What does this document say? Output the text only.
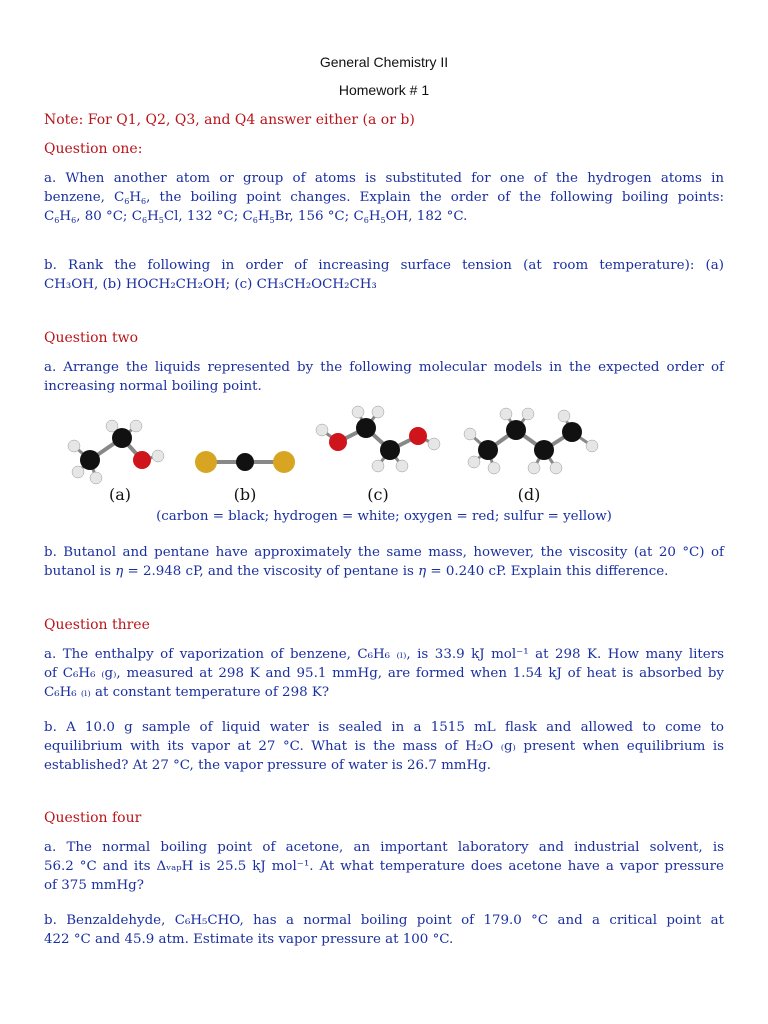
General Chemistry II
Homework # 1
Note: For Q1, Q2, Q3, and Q4 answer either (a or b)
Question one:
a. When another atom or group of atoms is substituted for one of the hydrogen atoms in
benzene, $C_6H_6$, the boiling point changes. Explain the order of the following boiling points:
$C_6H_6$, 80 °C; $C_6H_5Cl$, 132 °C; $C_6H_5Br$, 156 °C; $C_6H_5OH$, 182 °C.
b. Rank the following in order of increasing surface tension (at room temperature): (a)
CH₃OH, (b) HOCH₂CH₂OH; (c) CH₃CH₂OCH₂CH₃
Question two
a. Arrange the liquids represented by the following molecular models in the expected order of
increasing normal boiling point.
(a)	(b)	(c)	(d)
(carbon = black; hydrogen = white; oxygen = red; sulfur = yellow)
b. Butanol and pentane have approximately the same mass, however, the viscosity (at 20 °C) of
butanol is η = 2.948 cP, and the viscosity of pentane is η = 0.240 cP. Explain this difference.
Question three
a. The enthalpy of vaporization of benzene, C₆H₆ ₍ₗ₎, is 33.9 kJ mol⁻¹ at 298 K. How many liters
of C₆H₆ ₍g₎, measured at 298 K and 95.1 mmHg, are formed when 1.54 kJ of heat is absorbed by
C₆H₆ ₍ₗ₎ at constant temperature of 298 K?
b. A 10.0 g sample of liquid water is sealed in a 1515 mL flask and allowed to come to
equilibrium with its vapor at 27 °C. What is the mass of H₂O ₍g₎ present when equilibrium is
established? At 27 °C, the vapor pressure of water is 26.7 mmHg.
Question four
a. The normal boiling point of acetone, an important laboratory and industrial solvent, is
56.2 °C and its ΔᵥₐₚH is 25.5 kJ mol⁻¹. At what temperature does acetone have a vapor pressure
of 375 mmHg?
b. Benzaldehyde, C₆H₅CHO, has a normal boiling point of 179.0 °C and a critical point at
422 °C and 45.9 atm. Estimate its vapor pressure at 100 °C.
